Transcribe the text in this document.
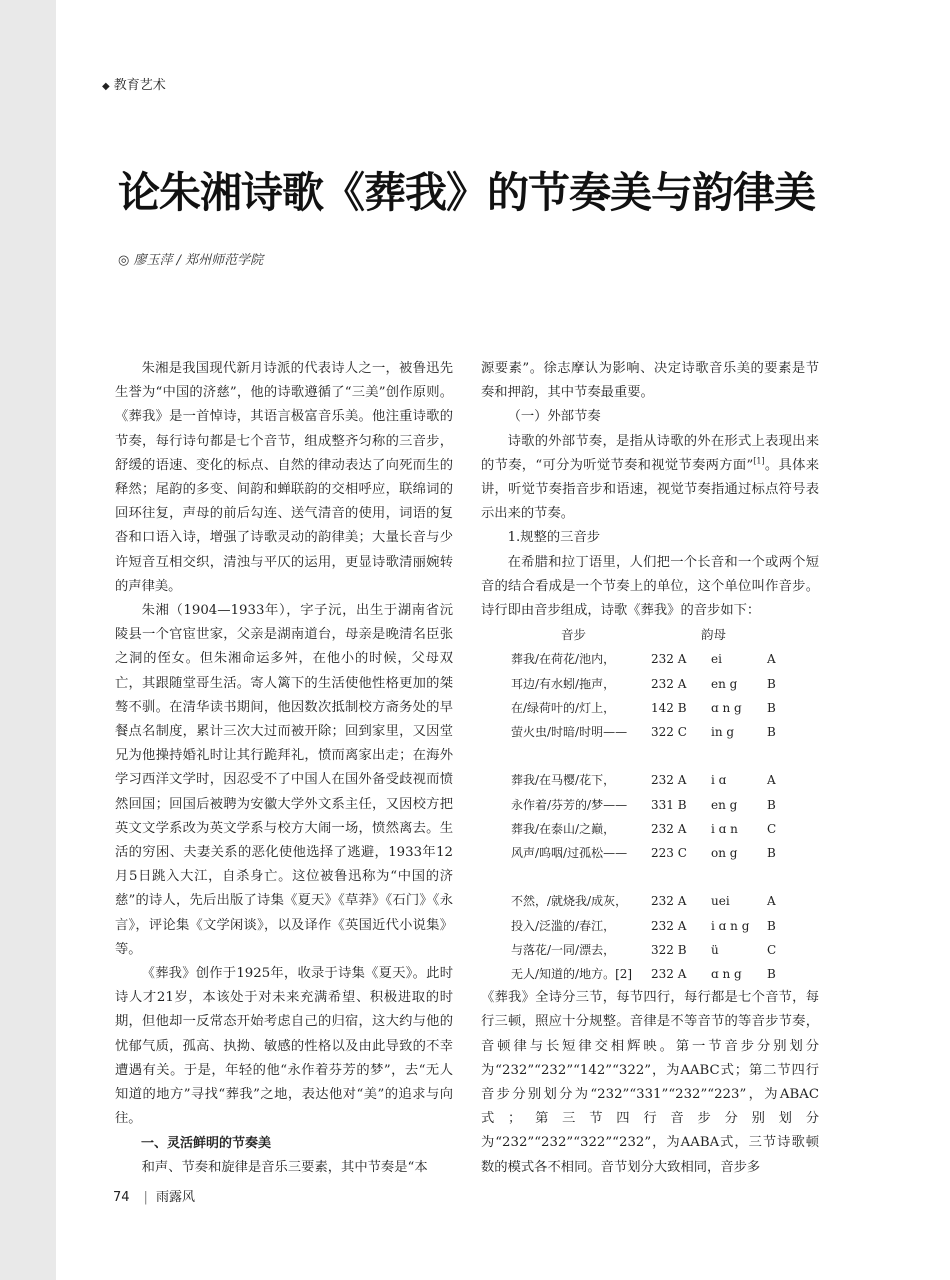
◆ 教育艺术
论朱湘诗歌《葬我》的节奏美与韵律美
◎ 廖玉萍 / 郑州师范学院

朱湘是我国现代新月诗派的代表诗人之一，被鲁迅先生誉为“中国的济慈”，他的诗歌遵循了“三美”创作原则。《葬我》是一首悼诗，其语言极富音乐美。他注重诗歌的节奏，每行诗句都是七个音节，组成整齐匀称的三音步，舒缓的语速、变化的标点、自然的律动表达了向死而生的释然；尾韵的多变、间韵和蝉联韵的交相呼应，联绵词的回环往复，声母的前后勾连、送气清音的使用，词语的复沓和口语入诗，增强了诗歌灵动的韵律美；大量长音与少许短音互相交织，清浊与平仄的运用，更显诗歌清丽婉转的声律美。

朱湘（1904—1933年），字子沅，出生于湖南省沅陵县一个官宦世家，父亲是湖南道台，母亲是晚清名臣张之洞的侄女。但朱湘命运多舛，在他小的时候，父母双亡，其跟随堂哥生活。寄人篱下的生活使他性格更加的桀骜不驯。在清华读书期间，他因数次抵制校方斋务处的早餐点名制度，累计三次大过而被开除；回到家里，又因堂兄为他操持婚礼时让其行跪拜礼，愤而离家出走；在海外学习西洋文学时，因忍受不了中国人在国外备受歧视而愤然回国；回国后被聘为安徽大学外文系主任，又因校方把英文文学系改为英文学系与校方大闹一场，愤然离去。生活的穷困、夫妻关系的恶化使他选择了逃避，1933年12月5日跳入大江，自杀身亡。这位被鲁迅称为“中国的济慈”的诗人，先后出版了诗集《夏天》《草莽》《石门》《永言》，评论集《文学闲谈》，以及译作《英国近代小说集》等。

《葬我》创作于1925年，收录于诗集《夏天》。此时诗人才21岁，本该处于对未来充满希望、积极进取的时期，但他却一反常态开始考虑自己的归宿，这大约与他的忧郁气质，孤高、执拗、敏感的性格以及由此导致的不幸遭遇有关。于是，年轻的他“永作着芬芳的梦”，去“无人知道的地方”寻找“葬我”之地，表达他对“美”的追求与向往。

一、灵活鲜明的节奏美

和声、节奏和旋律是音乐三要素，其中节奏是“本

源要素”。徐志摩认为影响、决定诗歌音乐美的要素是节奏和押韵，其中节奏最重要。

（一）外部节奏

诗歌的外部节奏，是指从诗歌的外在形式上表现出来的节奏，“可分为听觉节奏和视觉节奏两方面”[1]。具体来讲，听觉节奏指音步和语速，视觉节奏指通过标点符号表示出来的节奏。

1.规整的三音步

在希腊和拉丁语里，人们把一个长音和一个或两个短音的结合看成是一个节奏上的单位，这个单位叫作音步。诗行即由音步组成，诗歌《葬我》的音步如下：

音步	韵母
葬我/在荷花/池内，	232 A	ei	A
耳边/有水蚓/拖声，	232 A	en g	B
在/绿荷叶的/灯上，	142 B	ɑ n g	B
萤火虫/时暗/时明——	322 C	in g	B
葬我/在马樱/花下，	232 A	i ɑ	A
永作着/芬芳的/梦——	331 B	en g	B
葬我/在泰山/之巅，	232 A	i ɑ n	C
风声/呜咽/过孤松——	223 C	on g	B
不然，/就烧我/成灰，	232 A	uei	A
投入/泛滥的/春江，	232 A	i ɑ n g	B
与落花/一同/漂去，	322 B	ü	C
无人/知道的/地方。[2]	232 A	ɑ n g	B

《葬我》全诗分三节，每节四行，每行都是七个音节，每行三顿，照应十分规整。音律是不等音节的等音步节奏，音顿律与长短律交相辉映。第一节音步分别划分为“232”“232”“142”“322”，为AABC式；第二节四行音步分别划分为“232”“331”“232”“223”，为ABAC式；第三节四行音步分别划分为“232”“232”“322”“232”，为AABA式，三节诗歌顿数的模式各不相同。音节划分大致相同，音步多

74 | 雨露风
